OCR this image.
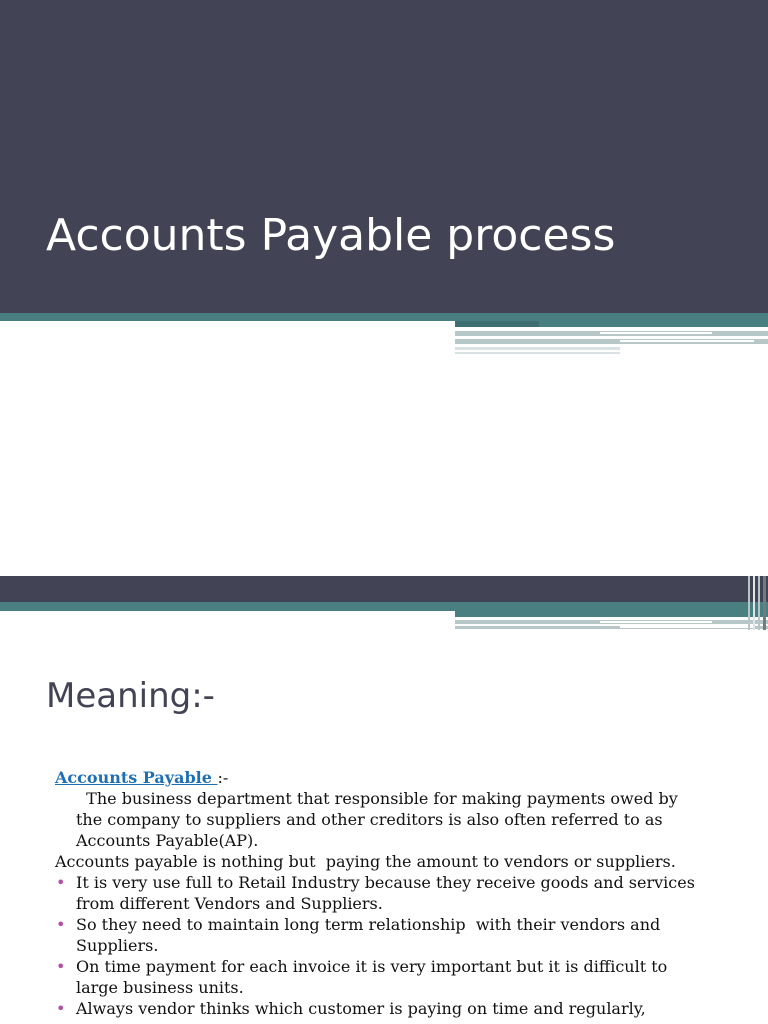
Accounts Payable process
Meaning:-
Accounts Payable :-
The business department that responsible for making payments owed by
the company to suppliers and other creditors is also often referred to as
Accounts Payable(AP).
Accounts payable is nothing but  paying the amount to vendors or suppliers.
• It is very use full to Retail Industry because they receive goods and services
from different Vendors and Suppliers.
• So they need to maintain long term relationship  with their vendors and
Suppliers.
• On time payment for each invoice it is very important but it is difficult to
large business units.
• Always vendor thinks which customer is paying on time and regularly,
